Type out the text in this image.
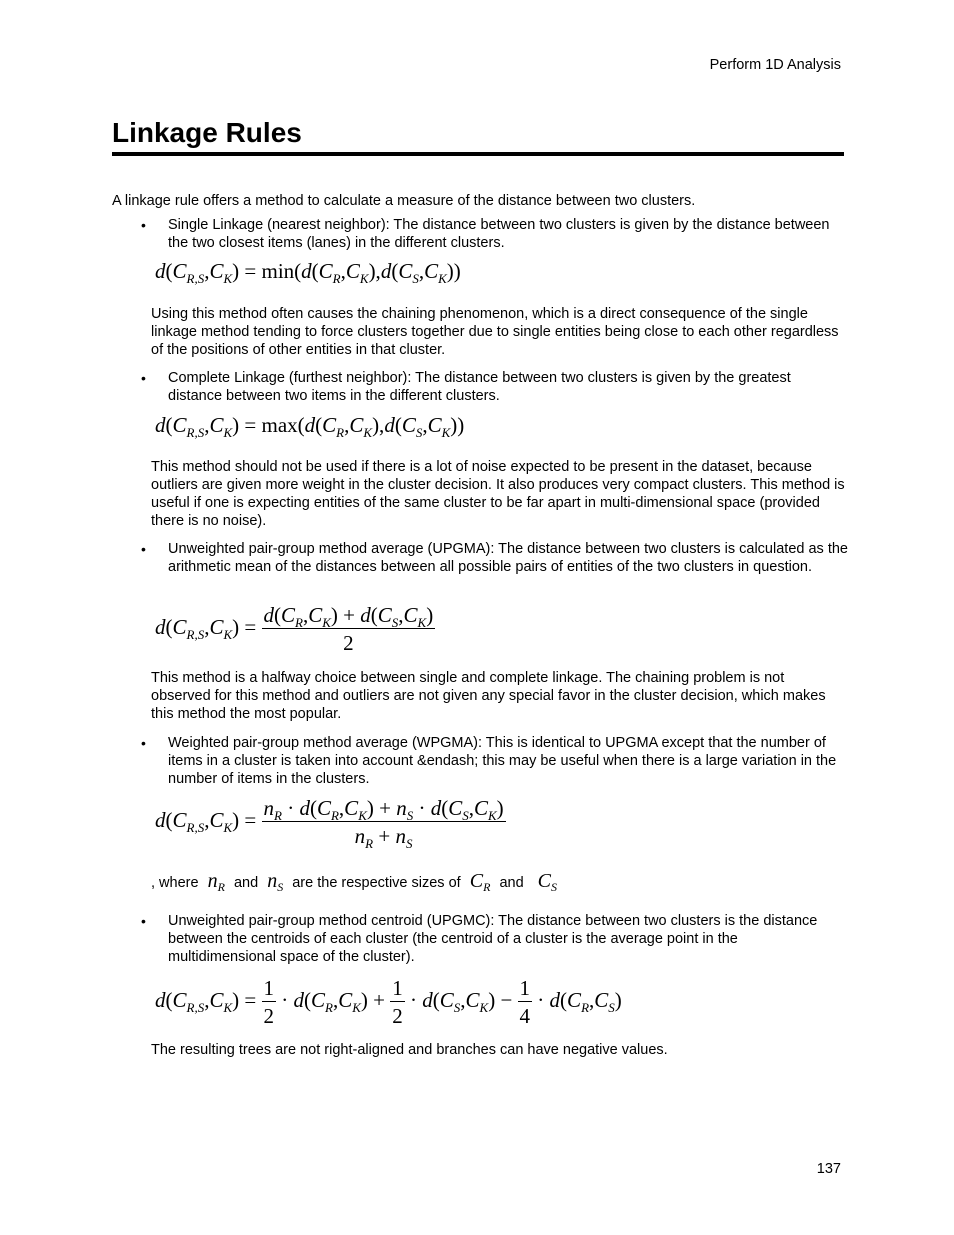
Perform 1D Analysis
Linkage Rules
A linkage rule offers a method to calculate a measure of the distance between two clusters.
• Single Linkage (nearest neighbor): The distance between two clusters is given by the distance between the two closest items (lanes) in the different clusters.
$d(C_{R,S},C_K) = \min(d(C_R,C_K),d(C_S,C_K))$
Using this method often causes the chaining phenomenon, which is a direct consequence of the single linkage method tending to force clusters together due to single entities being close to each other regardless of the positions of other entities in that cluster.
• Complete Linkage (furthest neighbor): The distance between two clusters is given by the greatest distance between two items in the different clusters.
$d(C_{R,S},C_K) = \max(d(C_R,C_K),d(C_S,C_K))$
This method should not be used if there is a lot of noise expected to be present in the dataset, because outliers are given more weight in the cluster decision. It also produces very compact clusters. This method is useful if one is expecting entities of the same cluster to be far apart in multi-dimensional space (provided there is no noise).
• Unweighted pair-group method average (UPGMA): The distance between two clusters is calculated as the arithmetic mean of the distances between all possible pairs of entities of the two clusters in question.
$d(C_{R,S},C_K) = \frac{d(C_R,C_K) + d(C_S,C_K)}{2}$
This method is a halfway choice between single and complete linkage. The chaining problem is not observed for this method and outliers are not given any special favor in the cluster decision, which makes this method the most popular.
• Weighted pair-group method average (WPGMA): This is identical to UPGMA except that the number of items in a cluster is taken into account &endash; this may be useful when there is a large variation in the number of items in the clusters.
$d(C_{R,S},C_K) = \frac{n_R \cdot d(C_R,C_K) + n_S \cdot d(C_S,C_K)}{n_R + n_S}$
, where  $n_R$ and  $n_S$ are the respective sizes of  $C_R$ and   $C_S$
• Unweighted pair-group method centroid (UPGMC): The distance between two clusters is the distance between the centroids of each cluster (the centroid of a cluster is the average point in the multidimensional space of the cluster).
$d(C_{R,S},C_K) = \frac{1}{2} \cdot d(C_R,C_K) + \frac{1}{2} \cdot d(C_S,C_K) - \frac{1}{4} \cdot d(C_R,C_S)$
The resulting trees are not right-aligned and branches can have negative values.
137
